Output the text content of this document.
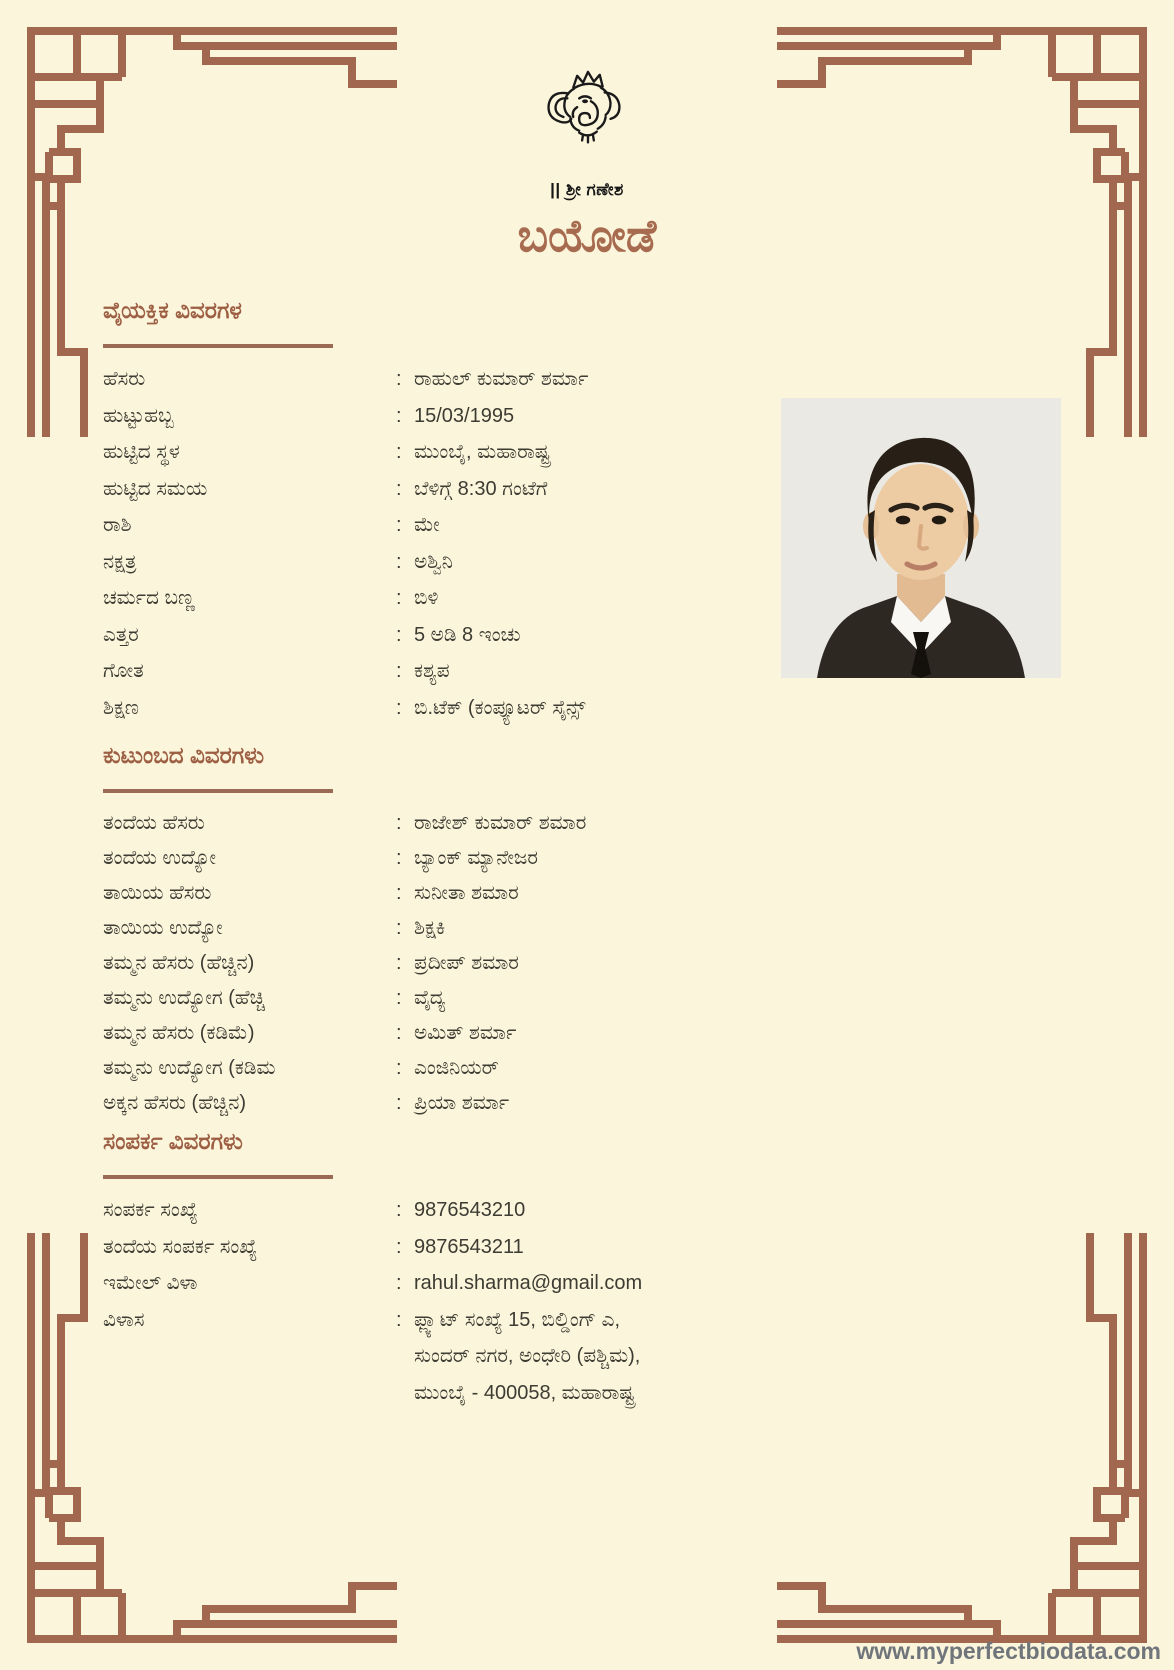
|| ಶ್ರೀ ಗಣೇಶ
ಬಯೋಡೆ
ವೈಯಕ್ತಿಕ ವಿವರಗಳ
ಹೆಸರು	: ರಾಹುಲ್ ಕುಮಾರ್ ಶರ್ಮಾ
ಹುಟ್ಟುಹಬ್ಬ	: 15/03/1995
ಹುಟ್ಟಿದ ಸ್ಥಳ	: ಮುಂಬೈ, ಮಹಾರಾಷ್ಟ್ರ
ಹುಟ್ಟಿದ ಸಮಯ	: ಬೆಳಿಗ್ಗೆ 8:30 ಗಂಟೆಗೆ
ರಾಶಿ	: ಮೇ
ನಕ್ಷತ್ರ	: ಅಶ್ವಿನಿ
ಚರ್ಮದ ಬಣ್ಣ	: ಬಿಳಿ
ಎತ್ತರ	: 5 ಅಡಿ 8 ಇಂಚು
ಗೋತ	: ಕಶ್ಯಪ
ಶಿಕ್ಷಣ	: ಬಿ.ಟೆಕ್ (ಕಂಪ್ಯೂಟರ್ ಸೈನ್ಸ್
ಕುಟುಂಬದ ವಿವರಗಳು
ತಂದೆಯ ಹೆಸರು	: ರಾಜೇಶ್ ಕುಮಾರ್ ಶಮಾರ
ತಂದೆಯ ಉದ್ಯೋ	: ಬ್ಯಾಂಕ್ ಮ್ಯಾನೇಜರ
ತಾಯಿಯ ಹೆಸರು	: ಸುನೀತಾ ಶಮಾರ
ತಾಯಿಯ ಉದ್ಯೋ	: ಶಿಕ್ಷಕಿ
ತಮ್ಮನ ಹೆಸರು (ಹೆಚ್ಚಿನ)	: ಪ್ರದೀಪ್ ಶಮಾರ
ತಮ್ಮನು ಉದ್ಯೋಗ (ಹೆಚ್ಚಿ	: ವೈದ್ಯ
ತಮ್ಮನ ಹೆಸರು (ಕಡಿಮೆ)	: ಅಮಿತ್ ಶರ್ಮಾ
ತಮ್ಮನು ಉದ್ಯೋಗ (ಕಡಿಮ	: ಎಂಜಿನಿಯರ್
ಅಕ್ಕನ ಹೆಸರು (ಹೆಚ್ಚಿನ)	: ಪ್ರಿಯಾ ಶರ್ಮಾ
ಸಂಪರ್ಕ ವಿವರಗಳು
ಸಂಪರ್ಕ ಸಂಖ್ಯೆ	: 9876543210
ತಂದೆಯ ಸಂಪರ್ಕ ಸಂಖ್ಯೆ	: 9876543211
ಇಮೇಲ್ ವಿಳಾ	: rahul.sharma@gmail.com
ವಿಳಾಸ	: ಫ್ಲ್ಯಾಟ್ ಸಂಖ್ಯೆ 15, ಬಿಲ್ಡಿಂಗ್ ಎ,
ಸುಂದರ್ ನಗರ, ಅಂಧೇರಿ (ಪಶ್ಚಿಮ),
ಮುಂಬೈ - 400058, ಮಹಾರಾಷ್ಟ್ರ
www.myperfectbiodata.com
